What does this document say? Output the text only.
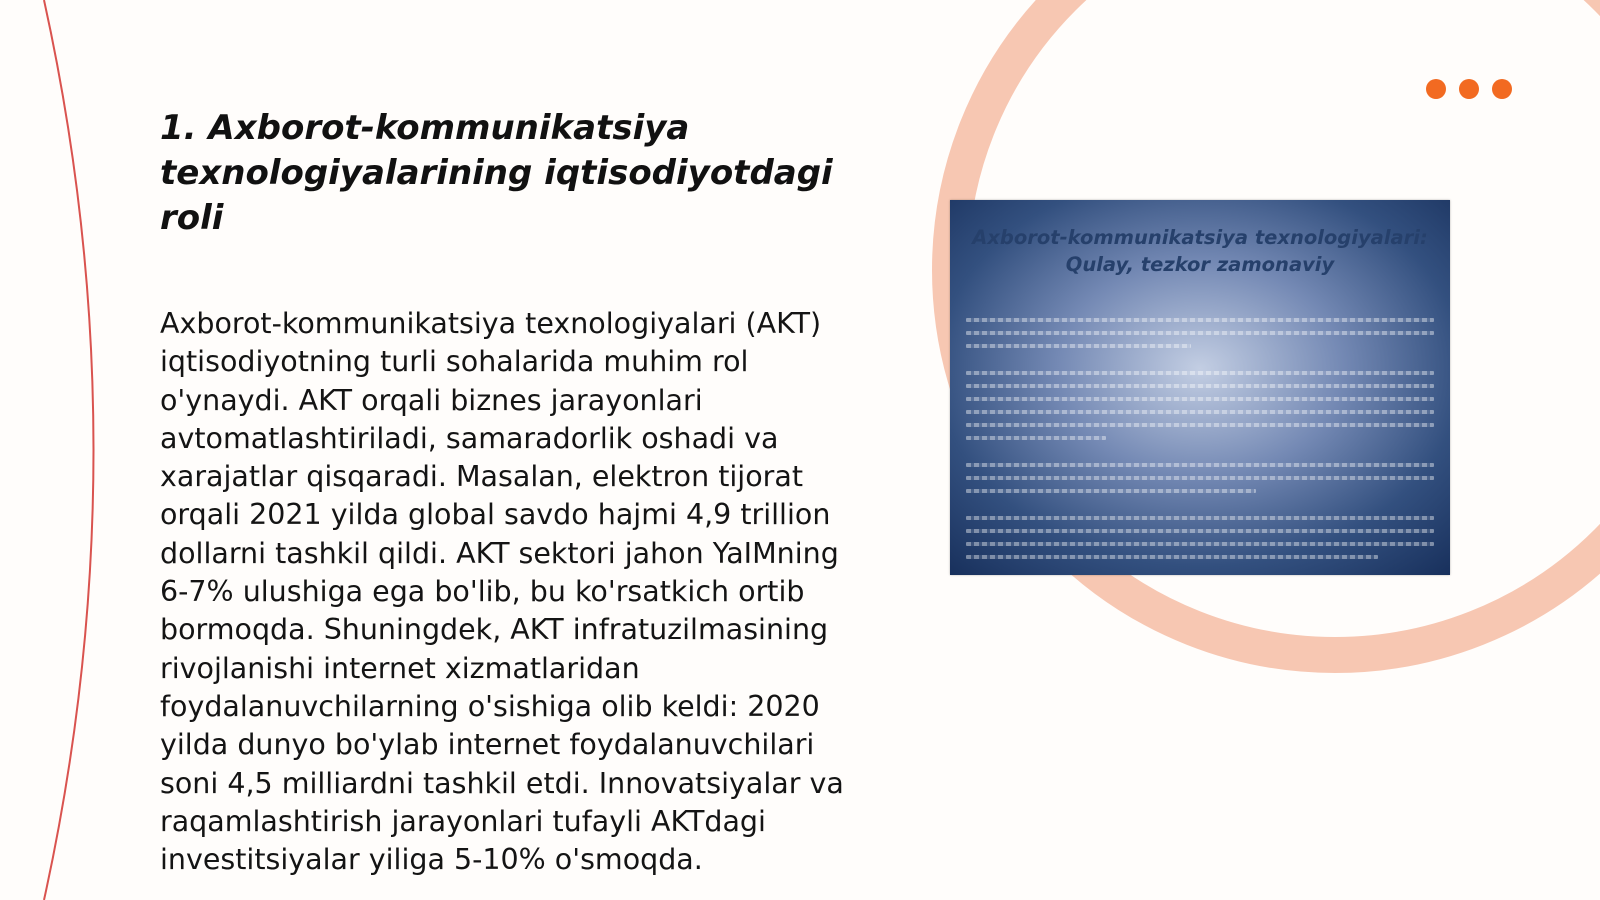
1. Axborot-kommunikatsiya texnologiyalarining iqtisodiyotdagi roli

Axborot-kommunikatsiya texnologiyalari (AKT) iqtisodiyotning turli sohalarida muhim rol o'ynaydi. AKT orqali biznes jarayonlari avtomatlashtiriladi, samaradorlik oshadi va xarajatlar qisqaradi. Masalan, elektron tijorat orqali 2021 yilda global savdo hajmi 4,9 trillion dollarni tashkil qildi. AKT sektori jahon YaIMning 6-7% ulushiga ega bo'lib, bu ko'rsatkich ortib bormoqda. Shuningdek, AKT infratuzilmasining rivojlanishi internet xizmatlaridan foydalanuvchilarning o'sishiga olib keldi: 2020 yilda dunyo bo'ylab internet foydalanuvchilari soni 4,5 milliardni tashkil etdi. Innovatsiyalar va raqamlashtirish jarayonlari tufayli AKTdagi investitsiyalar yiliga 5-10% o'smoqda.

Axborot-kommunikatsiya texnologiyalari: Qulay, tezkor zamonaviy
